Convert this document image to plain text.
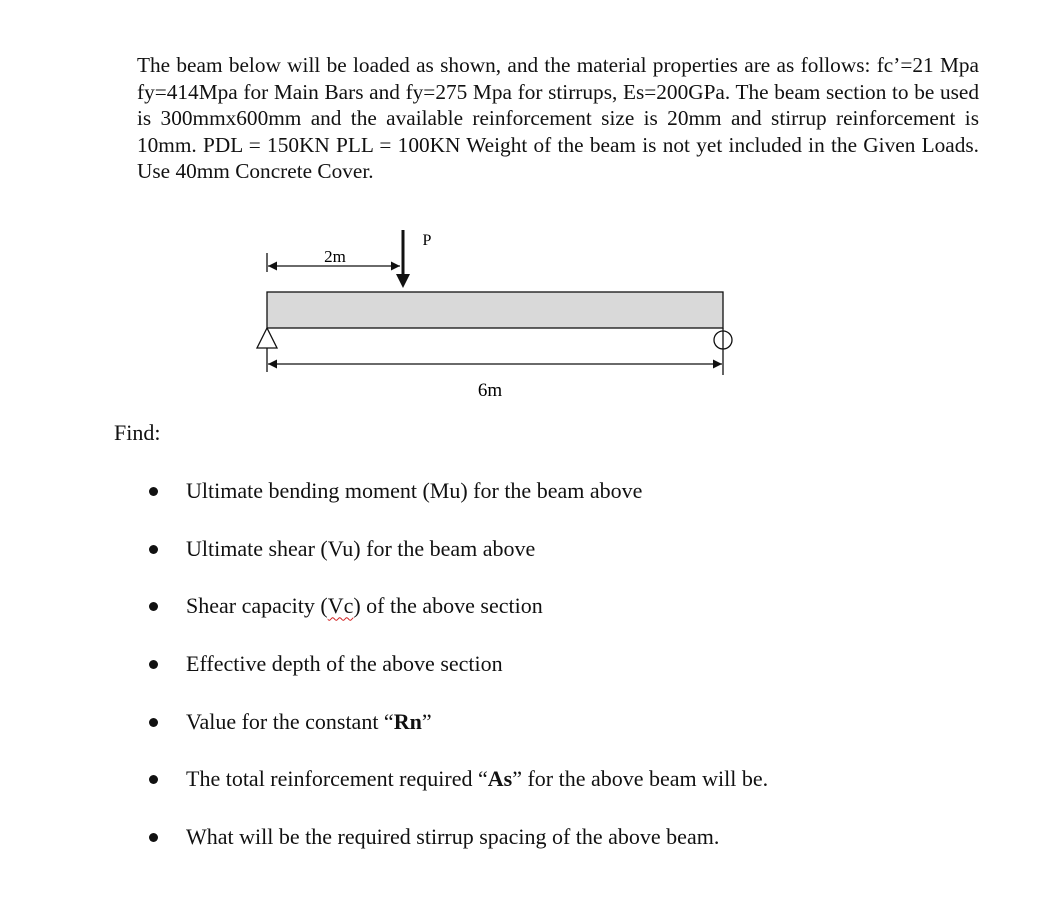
The beam below will be loaded as shown, and the material properties are as follows: fc’=21 Mpa fy=414Mpa for Main Bars and fy=275 Mpa for stirrups, Es=200GPa. The beam section to be used is 300mmx600mm and the available reinforcement size is 20mm and stirrup reinforcement is 10mm. PDL = 150KN PLL = 100KN Weight of the beam is not yet included in the Given Loads. Use 40mm Concrete Cover.

2m
P
6m

Find:

Ultimate bending moment (Mu) for the beam above
Ultimate shear (Vu) for the beam above
Shear capacity (Vc) of the above section
Effective depth of the above section
Value for the constant “Rn”
The total reinforcement required “As” for the above beam will be.
What will be the required stirrup spacing of the above beam.
